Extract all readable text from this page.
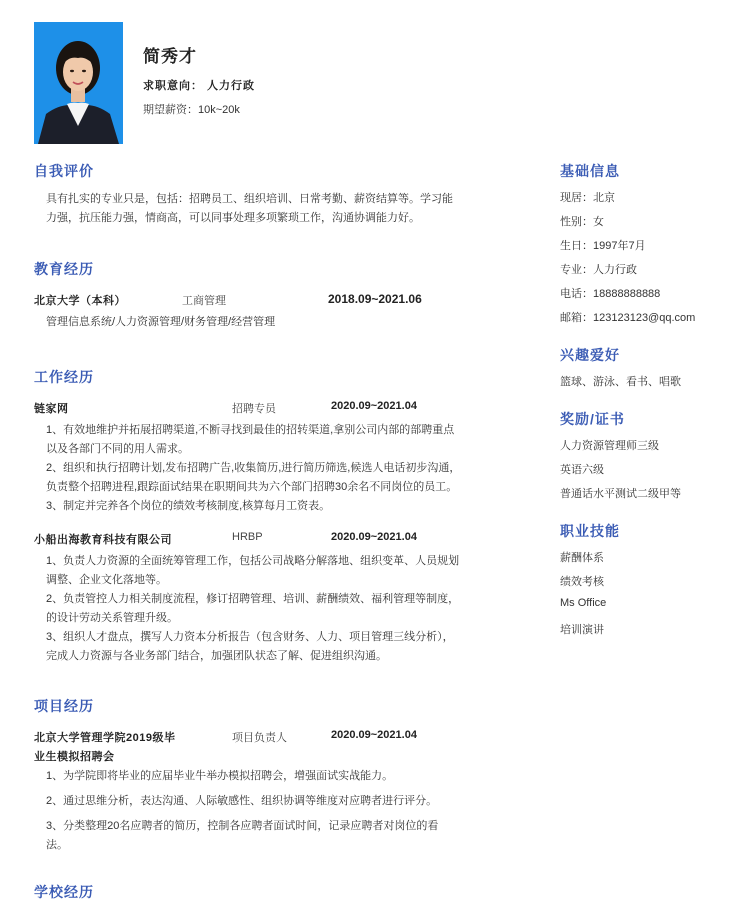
简秀才
求职意向： 人力行政
期望薪资：10k~20k
自我评价
具有扎实的专业只是，包括：招聘员工、组织培训、日常考勤、薪资结算等。学习能
力强，抗压能力强，情商高，可以同事处理多项繁琐工作，沟通协调能力好。
教育经历
北京大学（本科）	工商管理	2018.09~2021.06
管理信息系统/人力资源管理/财务管理/经营管理
工作经历
链家网	招聘专员	2020.09~2021.04
1、有效地维护并拓展招聘渠道,不断寻找到最佳的招转渠道,拿别公司内部的部聘重点
以及各部门不同的用人需求。
2、组织和执行招聘计划,发布招聘广告,收集简历,进行简历筛选,候选人电话初步沟通，
负责整个招聘进程,跟踪面试结果在职期间共为六个部门招聘30余名不同岗位的员工。
3、制定并完养各个岗位的绩效考核制度,核算每月工资表。
小船出海教育科技有限公司	HRBP	2020.09~2021.04
1、负责人力资源的全面统筹管理工作，包括公司战略分解落地、组织变革、人员规划
调整、企业文化落地等。
2、负责管控人力相关制度流程，修订招聘管理、培训、薪酬绩效、福利管理等制度，
的设计劳动关系管理升级。
3、组织人才盘点，撰写人力资本分析报告（包含财务、人力、项目管理三线分析），
完成人力资源与各业务部门结合，加强团队状态了解、促进组织沟通。
项目经历
北京大学管理学院2019级毕
业生模拟招聘会
项目负责人	2020.09~2021.04
1、为学院即将毕业的应届毕业牛举办模拟招聘会，增强面试实战能力。
2、通过思维分析，表达沟通、人际敏感性、组织协调等维度对应聘者进行评分。
3、分类整理20名应聘者的简历，控制各应聘者面试时间，记录应聘者对岗位的看
法。
学校经历
基础信息
现居：北京
性别：女
生日：1997年7月
专业：人力行政
电话：18888888888
邮箱：123123123@qq.com
兴趣爱好
篮球、游泳、看书、唱歌
奖励/证书
人力资源管理师三级
英语六级
普通话水平测试二级甲等
职业技能
薪酬体系
绩效考核
Ms Office
培训演讲
